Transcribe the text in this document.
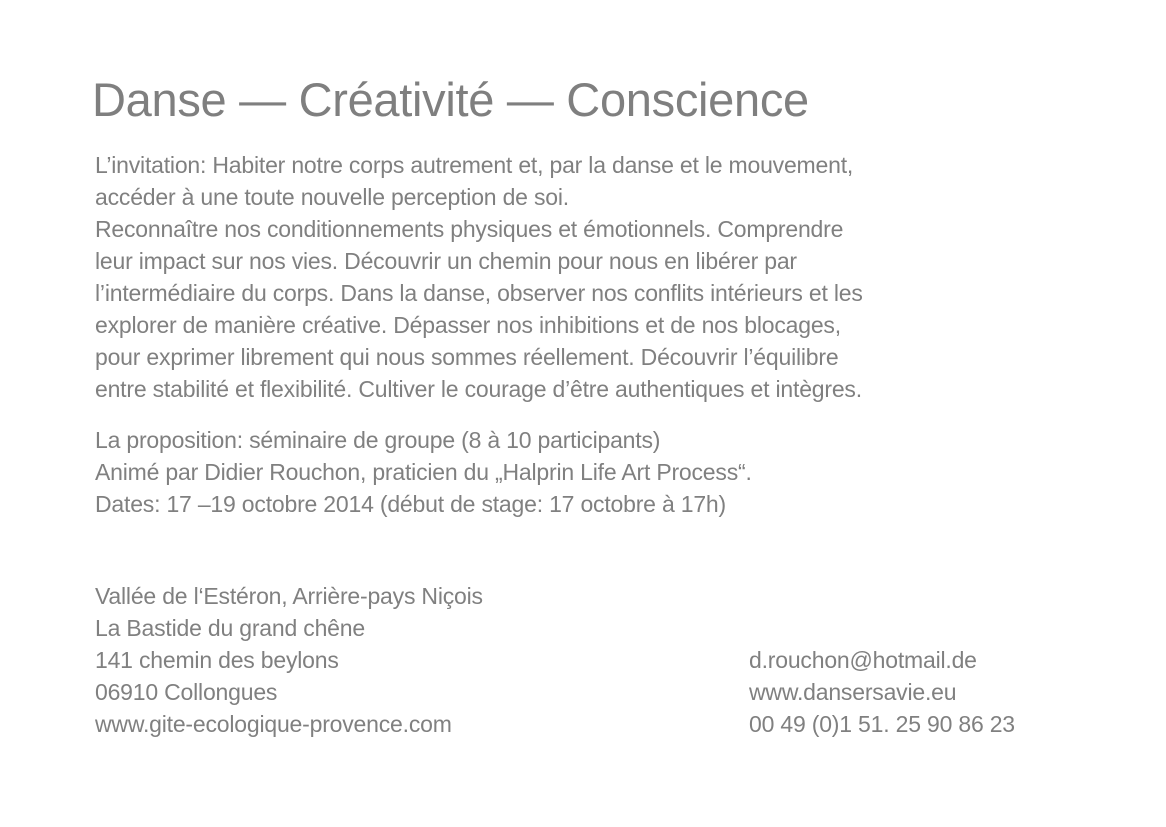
Danse — Créativité — Conscience
L’invitation: Habiter notre corps autrement et, par la danse et le mouvement,
accéder à une toute nouvelle perception de soi.
Reconnaître nos conditionnements physiques et émotionnels. Comprendre
leur impact sur nos vies. Découvrir un chemin pour nous en libérer par
l’intermédiaire du corps. Dans la danse, observer nos conflits intérieurs et les
explorer de manière créative. Dépasser nos inhibitions et de nos blocages,
pour exprimer librement qui nous sommes réellement. Découvrir l’équilibre
entre stabilité et flexibilité. Cultiver le courage d’être authentiques et intègres.
La proposition: séminaire de groupe (8 à 10 participants)
Animé par Didier Rouchon, praticien du „Halprin Life Art Process“.
Dates: 17 –19 octobre 2014 (début de stage: 17 octobre à 17h)
Vallée de l‘Estéron, Arrière-pays Niçois
La Bastide du grand chêne
141 chemin des beylons
06910 Collongues
www.gite-ecologique-provence.com
d.rouchon@hotmail.de
www.dansersavie.eu
00 49 (0)1 51. 25 90 86 23
